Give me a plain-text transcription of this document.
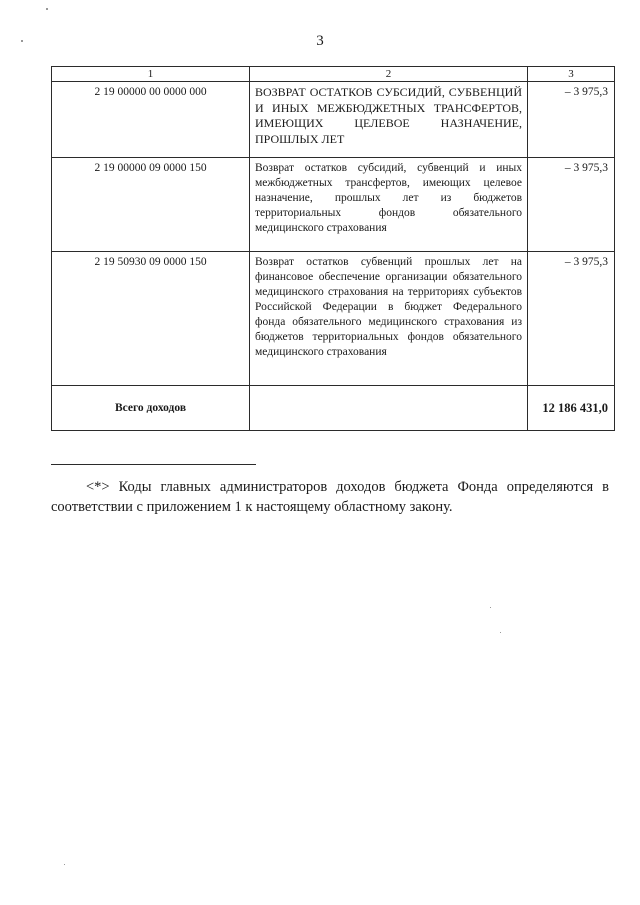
3
1	2	3
2 19 00000 00 0000 000	ВОЗВРАТ ОСТАТКОВ СУБСИДИЙ, СУБВЕНЦИЙ И ИНЫХ МЕЖБЮДЖЕТНЫХ ТРАНСФЕРТОВ, ИМЕЮЩИХ ЦЕЛЕВОЕ НАЗНАЧЕНИЕ, ПРОШЛЫХ ЛЕТ	– 3 975,3
2 19 00000 09 0000 150	Возврат остатков субсидий, субвенций и иных межбюджетных трансфертов, имеющих целевое назначение, прошлых лет из бюджетов территориальных фондов обязательного медицинского страхования	– 3 975,3
2 19 50930 09 0000 150	Возврат остатков субвенций прошлых лет на финансовое обеспечение организации обязательного медицинского страхования на территориях субъектов Российской Федерации в бюджет Федерального фонда обязательного медицинского страхования из бюджетов территориальных фондов обязательного медицинского страхования	– 3 975,3
Всего доходов		12 186 431,0

<*> Коды главных администраторов доходов бюджета Фонда определяются в соответствии с приложением 1 к настоящему областному закону.
